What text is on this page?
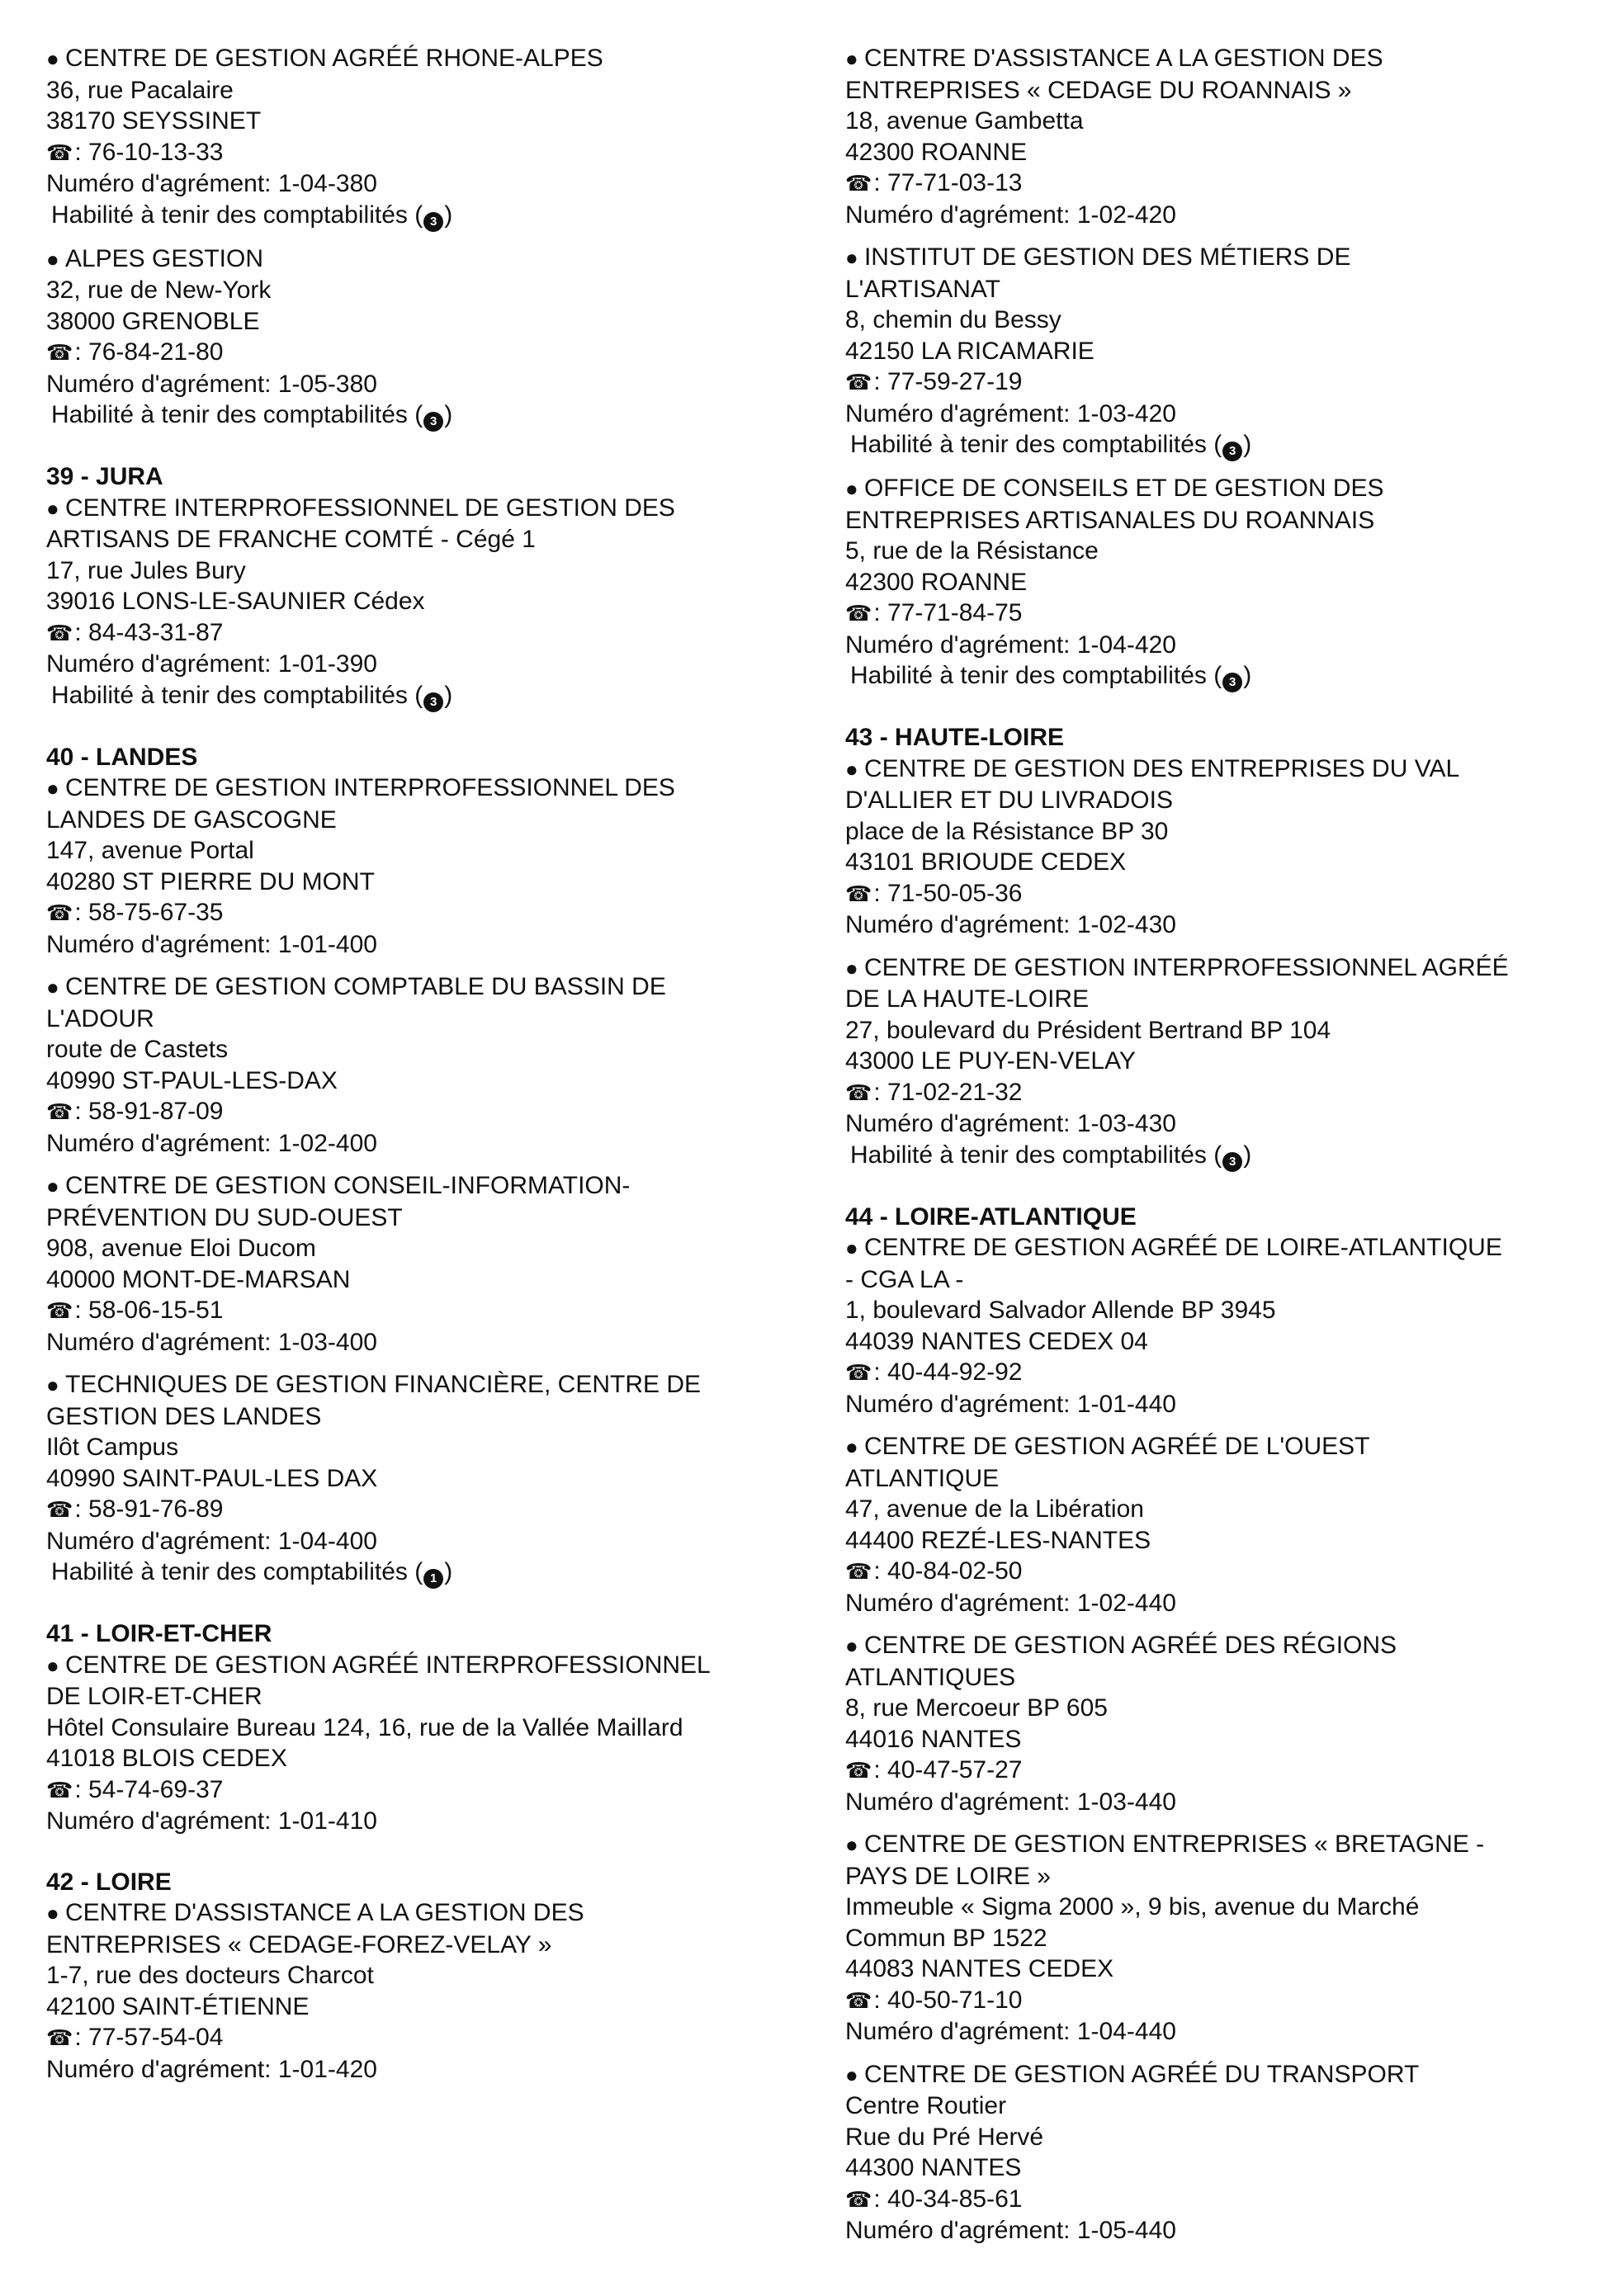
● CENTRE DE GESTION AGRÉÉ RHONE-ALPES
36, rue Pacalaire
38170 SEYSSINET
☎ : 76-10-13-33
Numéro d'agrément: 1-04-380
Habilité à tenir des comptabilités ( 3 )
● ALPES GESTION
32, rue de New-York
38000 GRENOBLE
☎ : 76-84-21-80
Numéro d'agrément: 1-05-380
Habilité à tenir des comptabilités ( 3 )
39 - JURA
● CENTRE INTERPROFESSIONNEL DE GESTION DES
ARTISANS DE FRANCHE COMTÉ - Cégé 1
17, rue Jules Bury
39016 LONS-LE-SAUNIER Cédex
☎ : 84-43-31-87
Numéro d'agrément: 1-01-390
Habilité à tenir des comptabilités ( 3 )
40 - LANDES
● CENTRE DE GESTION INTERPROFESSIONNEL DES
LANDES DE GASCOGNE
147, avenue Portal
40280 ST PIERRE DU MONT
☎ : 58-75-67-35
Numéro d'agrément: 1-01-400
● CENTRE DE GESTION COMPTABLE DU BASSIN DE
L'ADOUR
route de Castets
40990 ST-PAUL-LES-DAX
☎ : 58-91-87-09
Numéro d'agrément: 1-02-400
● CENTRE DE GESTION CONSEIL-INFORMATION-
PRÉVENTION DU SUD-OUEST
908, avenue Eloi Ducom
40000 MONT-DE-MARSAN
☎ : 58-06-15-51
Numéro d'agrément: 1-03-400
● TECHNIQUES DE GESTION FINANCIÈRE, CENTRE DE
GESTION DES LANDES
Ilôt Campus
40990 SAINT-PAUL-LES DAX
☎ : 58-91-76-89
Numéro d'agrément: 1-04-400
Habilité à tenir des comptabilités ( 1 )
41 - LOIR-ET-CHER
● CENTRE DE GESTION AGRÉÉ INTERPROFESSIONNEL
DE LOIR-ET-CHER
Hôtel Consulaire Bureau 124, 16, rue de la Vallée Maillard
41018 BLOIS CEDEX
☎ : 54-74-69-37
Numéro d'agrément: 1-01-410
42 - LOIRE
● CENTRE D'ASSISTANCE A LA GESTION DES
ENTREPRISES « CEDAGE-FOREZ-VELAY »
1-7, rue des docteurs Charcot
42100 SAINT-ÉTIENNE
☎ : 77-57-54-04
Numéro d'agrément: 1-01-420
● CENTRE D'ASSISTANCE A LA GESTION DES
ENTREPRISES « CEDAGE DU ROANNAIS »
18, avenue Gambetta
42300 ROANNE
☎ : 77-71-03-13
Numéro d'agrément: 1-02-420
● INSTITUT DE GESTION DES MÉTIERS DE
L'ARTISANAT
8, chemin du Bessy
42150 LA RICAMARIE
☎ : 77-59-27-19
Numéro d'agrément: 1-03-420
Habilité à tenir des comptabilités ( 3 )
● OFFICE DE CONSEILS ET DE GESTION DES
ENTREPRISES ARTISANALES DU ROANNAIS
5, rue de la Résistance
42300 ROANNE
☎ : 77-71-84-75
Numéro d'agrément: 1-04-420
Habilité à tenir des comptabilités ( 3 )
43 - HAUTE-LOIRE
● CENTRE DE GESTION DES ENTREPRISES DU VAL
D'ALLIER ET DU LIVRADOIS
place de la Résistance BP 30
43101 BRIOUDE CEDEX
☎ : 71-50-05-36
Numéro d'agrément: 1-02-430
● CENTRE DE GESTION INTERPROFESSIONNEL AGRÉÉ
DE LA HAUTE-LOIRE
27, boulevard du Président Bertrand BP 104
43000 LE PUY-EN-VELAY
☎ : 71-02-21-32
Numéro d'agrément: 1-03-430
Habilité à tenir des comptabilités ( 3 )
44 - LOIRE-ATLANTIQUE
● CENTRE DE GESTION AGRÉÉ DE LOIRE-ATLANTIQUE
- CGA LA -
1, boulevard Salvador Allende BP 3945
44039 NANTES CEDEX 04
☎ : 40-44-92-92
Numéro d'agrément: 1-01-440
● CENTRE DE GESTION AGRÉÉ DE L'OUEST
ATLANTIQUE
47, avenue de la Libération
44400 REZÉ-LES-NANTES
☎ : 40-84-02-50
Numéro d'agrément: 1-02-440
● CENTRE DE GESTION AGRÉÉ DES RÉGIONS
ATLANTIQUES
8, rue Mercoeur BP 605
44016 NANTES
☎ : 40-47-57-27
Numéro d'agrément: 1-03-440
● CENTRE DE GESTION ENTREPRISES « BRETAGNE -
PAYS DE LOIRE »
Immeuble « Sigma 2000 », 9 bis, avenue du Marché
Commun BP 1522
44083 NANTES CEDEX
☎ : 40-50-71-10
Numéro d'agrément: 1-04-440
● CENTRE DE GESTION AGRÉÉ DU TRANSPORT
Centre Routier
Rue du Pré Hervé
44300 NANTES
☎ : 40-34-85-61
Numéro d'agrément: 1-05-440
